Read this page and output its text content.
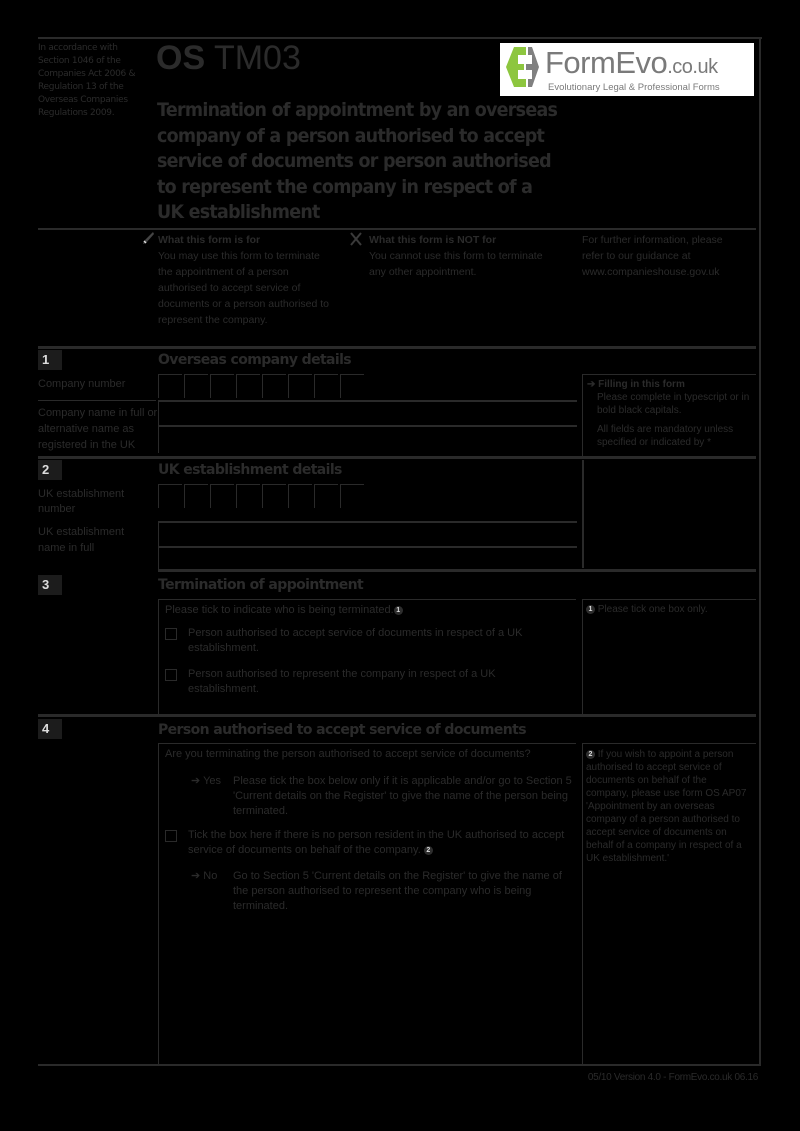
In accordance with Section 1046 of the Companies Act 2006 & Regulation 13 of the Overseas Companies Regulations 2009.
OS TM03
Termination of appointment by an overseas company of a person authorised to accept service of documents or person authorised to represent the company in respect of a UK establishment
FormEvo.co.uk
Evolutionary Legal & Professional Forms
What this form is for
You may use this form to terminate the appointment of a person authorised to accept service of documents or a person authorised to represent the company.
What this form is NOT for
You cannot use this form to terminate any other appointment.
For further information, please refer to our guidance at www.companieshouse.gov.uk
1	Overseas company details
Company number
Company name in full or alternative name as registered in the UK
➔ Filling in this form
Please complete in typescript or in bold black capitals.
All fields are mandatory unless specified or indicated by *
2	UK establishment details
UK establishment number
UK establishment name in full
3	Termination of appointment
Please tick to indicate who is being terminated. 1
Person authorised to accept service of documents in respect of a UK establishment.
Person authorised to represent the company in respect of a UK establishment.
1 Please tick one box only.
4	Person authorised to accept service of documents
Are you terminating the person authorised to accept service of documents?
➔ Yes	Please tick the box below only if it is applicable and/or go to Section 5 'Current details on the Register' to give the name of the person being terminated.
Tick the box here if there is no person resident in the UK authorised to accept service of documents on behalf of the company. 2
➔ No	Go to Section 5 'Current details on the Register' to give the name of the person authorised to represent the company who is being terminated.
2 If you wish to appoint a person authorised to accept service of documents on behalf of the company, please use form OS AP07 'Appointment by an overseas company of a person authorised to accept service of documents on behalf of a company in respect of a UK establishment.'
05/10 Version 4.0 - FormEvo.co.uk 06.16
